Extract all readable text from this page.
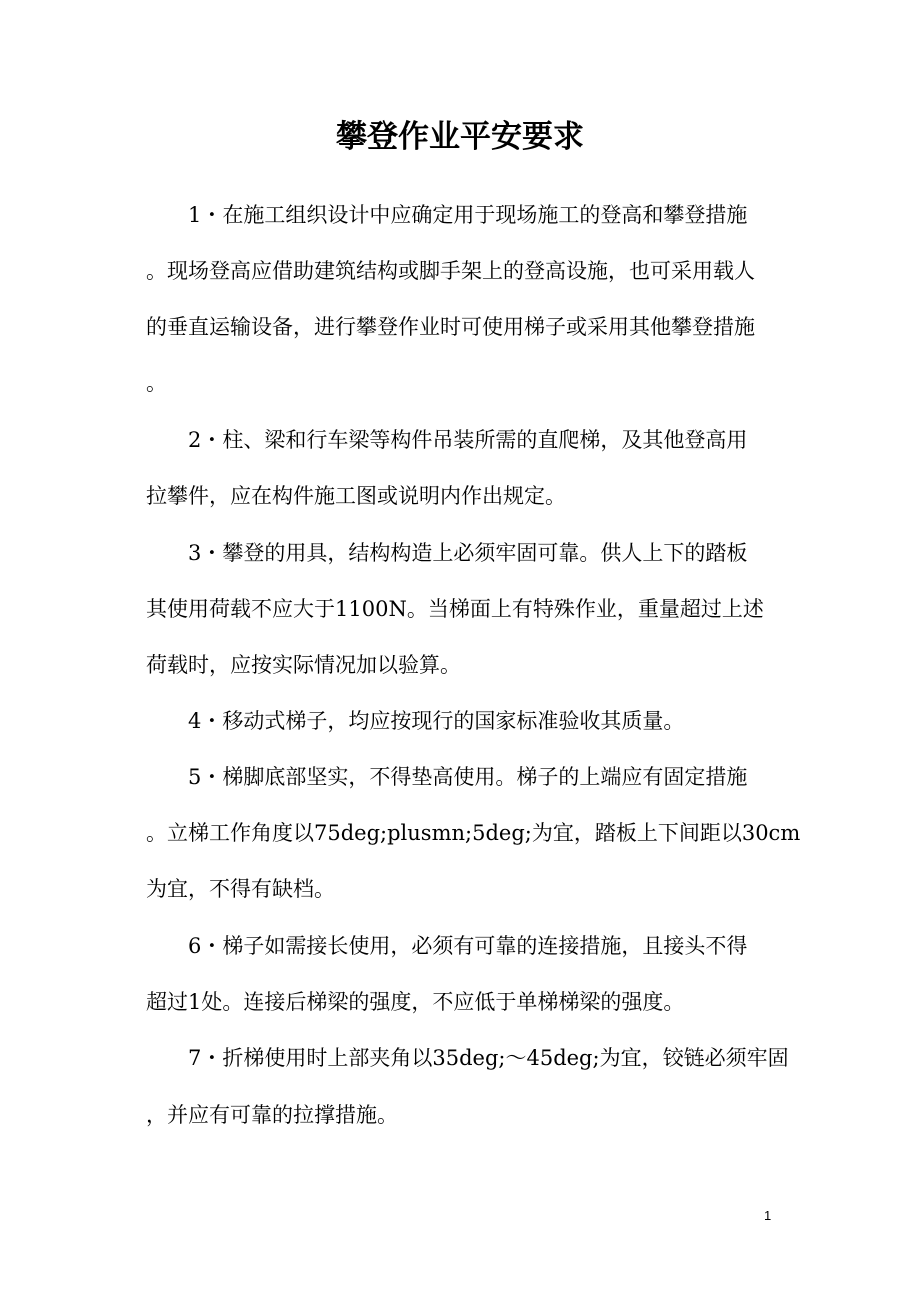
攀登作业平安要求

1・在施工组织设计中应确定用于现场施工的登高和攀登措施

。现场登高应借助建筑结构或脚手架上的登高设施，也可采用载人

的垂直运输设备，进行攀登作业时可使用梯子或采用其他攀登措施

。

2・柱、梁和行车梁等构件吊装所需的直爬梯，及其他登高用

拉攀件，应在构件施工图或说明内作出规定。

3・攀登的用具，结构构造上必须牢固可靠。供人上下的踏板

其使用荷载不应大于1100N。当梯面上有特殊作业，重量超过上述

荷载时，应按实际情况加以验算。

4・移动式梯子，均应按现行的国家标准验收其质量。

5・梯脚底部坚实，不得垫高使用。梯子的上端应有固定措施

。立梯工作角度以75deg;plusmn;5deg;为宜，踏板上下间距以30cm

为宜，不得有缺档。

6・梯子如需接长使用，必须有可靠的连接措施，且接头不得

超过1处。连接后梯梁的强度，不应低于单梯梯梁的强度。

7・折梯使用时上部夹角以35deg;～45deg;为宜，铰链必须牢固

，并应有可靠的拉撑措施。

1
